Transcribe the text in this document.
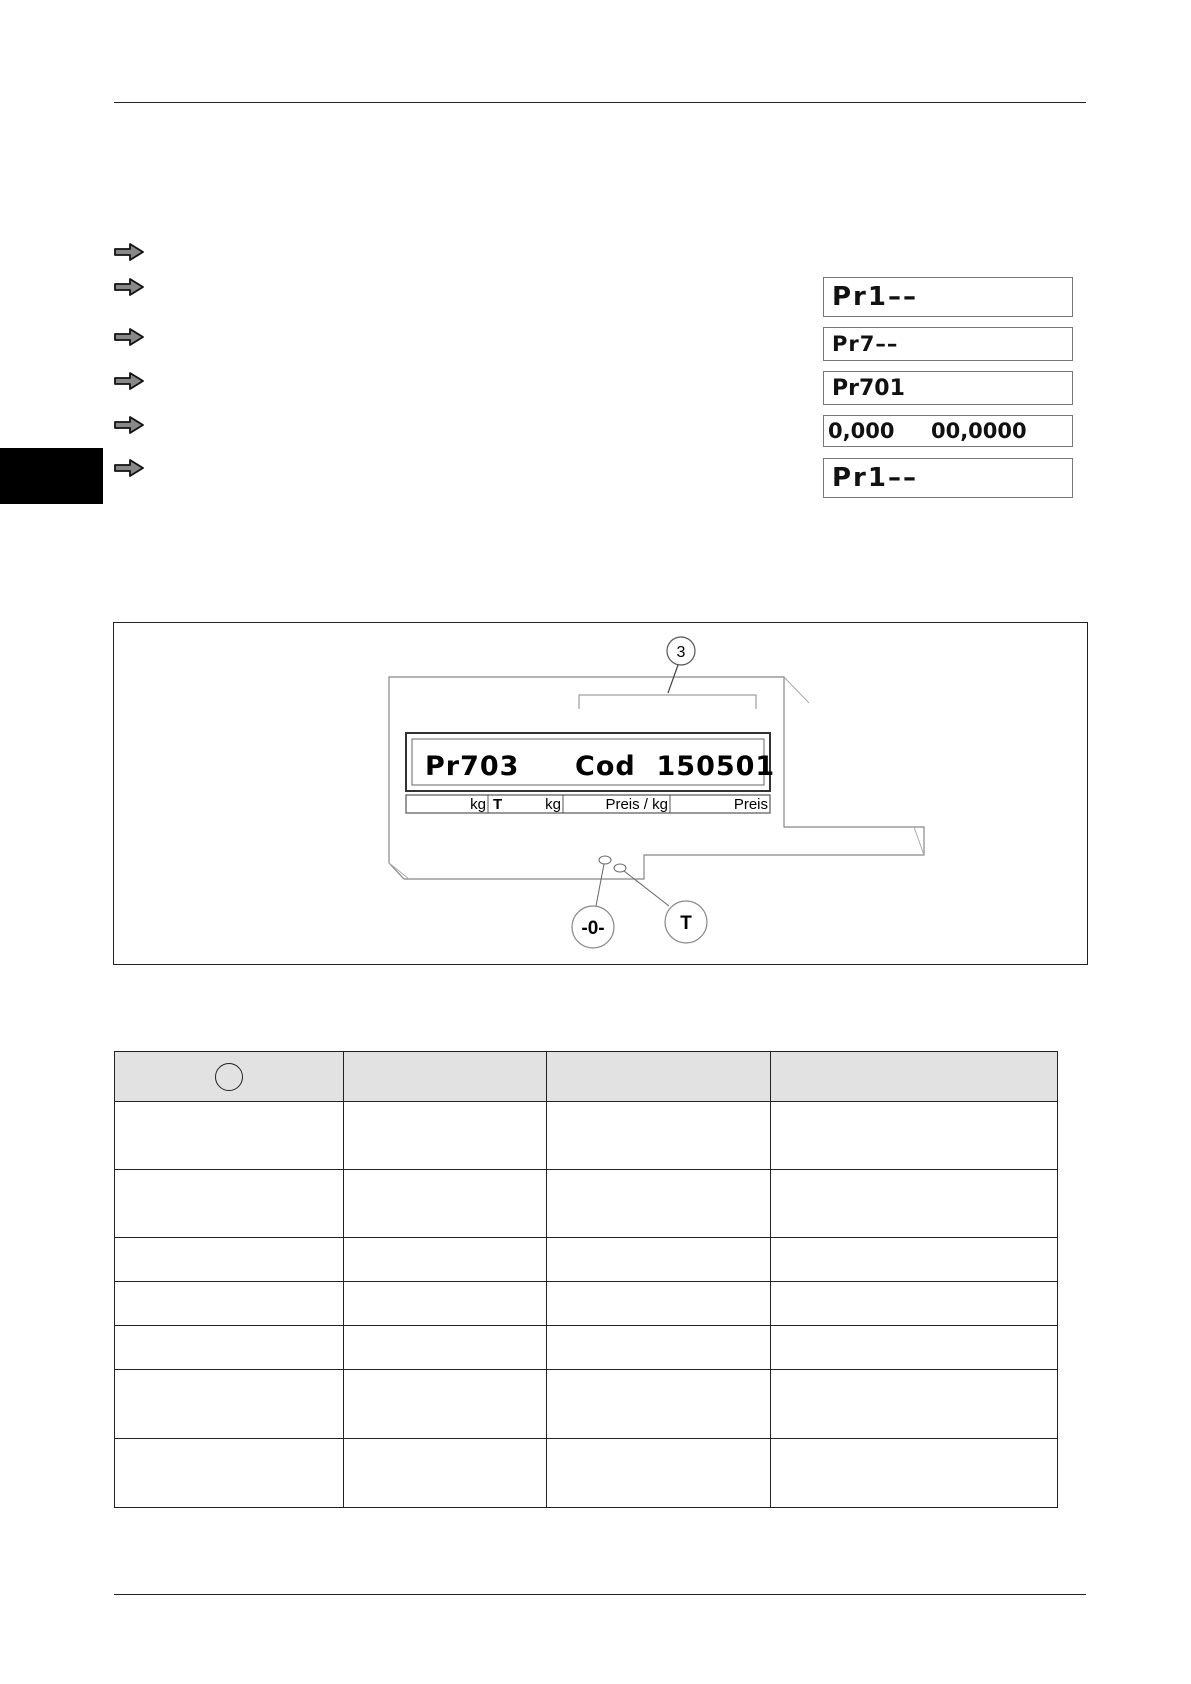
Pr1––
Pr7––
Pr701
0,000     00,0000
Pr1––
3
Pr703 Cod  150501
kg T	kg	Preis / kg	Preis
-0-	T
